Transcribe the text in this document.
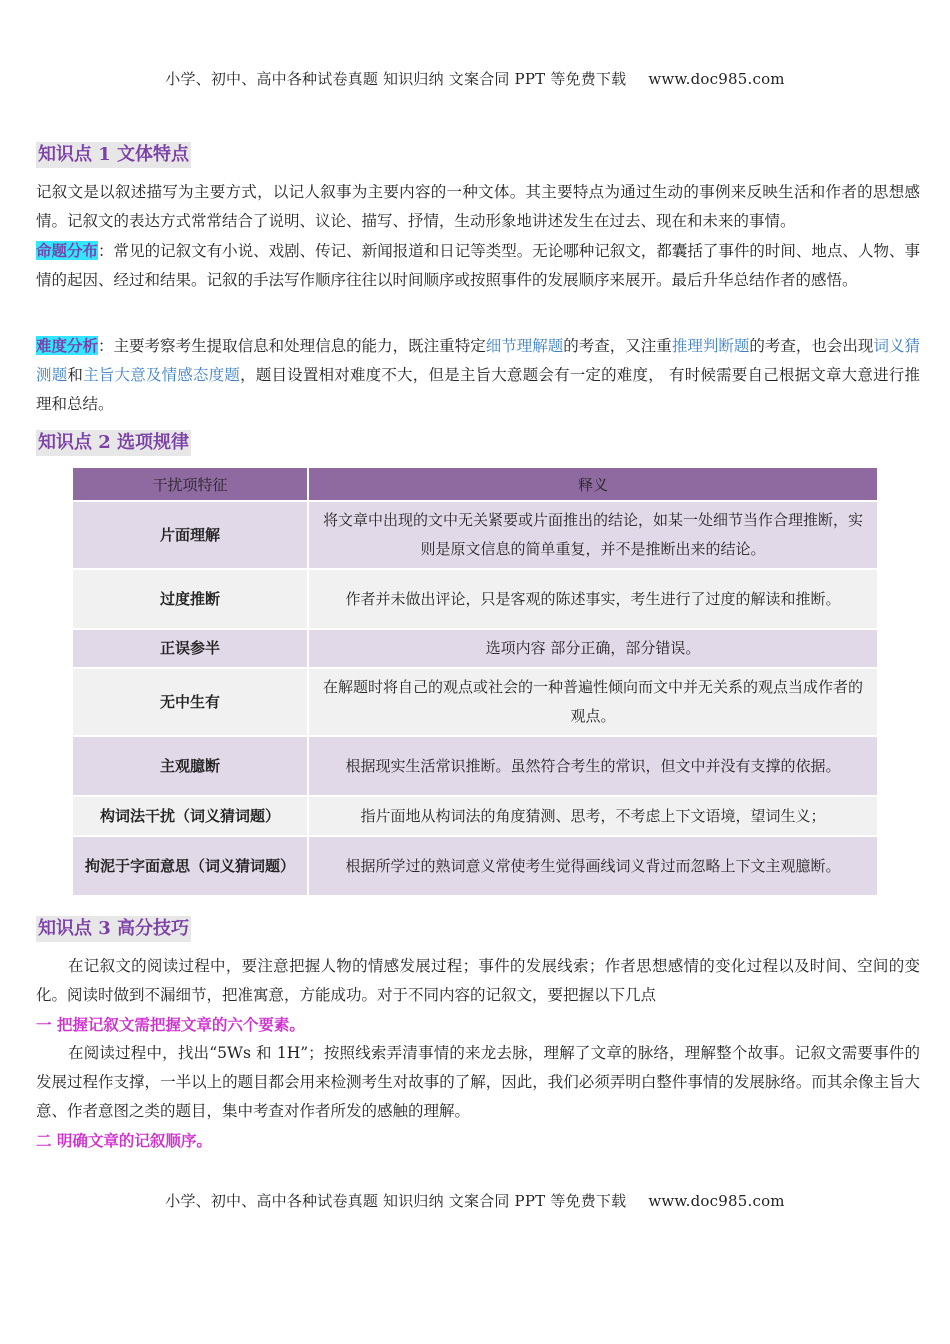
小学、初中、高中各种试卷真题 知识归纳 文案合同 PPT 等免费下载 www.doc985.com
知识点 1 文体特点
记叙文是以叙述描写为主要方式，以记人叙事为主要内容的一种文体。其主要特点为通过生动的事例来反映生活和作者的思想感情。记叙文的表达方式常常结合了说明、议论、描写、抒情，生动形象地讲述发生在过去、现在和未来的事情。
命题分布：常见的记叙文有小说、戏剧、传记、新闻报道和日记等类型。无论哪种记叙文，都囊括了事件的时间、地点、人物、事情的起因、经过和结果。记叙的手法写作顺序往往以时间顺序或按照事件的发展顺序来展开。最后升华总结作者的感悟。
难度分析：主要考察考生提取信息和处理信息的能力，既注重特定细节理解题的考查，又注重推理判断题的考查，也会出现词义猜测题和主旨大意及情感态度题，题目设置相对难度不大，但是主旨大意题会有一定的难度， 有时候需要自己根据文章大意进行推理和总结。
知识点 2 选项规律
干扰项特征	释义
片面理解	将文章中出现的文中无关紧要或片面推出的结论，如某一处细节当作合理推断，实则是原文信息的简单重复，并不是推断出来的结论。
过度推断	作者并未做出评论，只是客观的陈述事实，考生进行了过度的解读和推断。
正误参半	选项内容 部分正确，部分错误。
无中生有	在解题时将自己的观点或社会的一种普遍性倾向而文中并无关系的观点当成作者的观点。
主观臆断	根据现实生活常识推断。虽然符合考生的常识，但文中并没有支撑的依据。
构词法干扰（词义猜词题）	指片面地从构词法的角度猜测、思考，不考虑上下文语境，望词生义；
拘泥于字面意思（词义猜词题）	根据所学过的熟词意义常使考生觉得画线词义背过而忽略上下文主观臆断。
知识点 3 高分技巧
在记叙文的阅读过程中，要注意把握人物的情感发展过程；事件的发展线索；作者思想感情的变化过程以及时间、空间的变化。阅读时做到不漏细节，把准寓意，方能成功。对于不同内容的记叙文，要把握以下几点
一 把握记叙文需把握文章的六个要素。
在阅读过程中，找出“5Ws 和 1H”；按照线索弄清事情的来龙去脉，理解了文章的脉络，理解整个故事。记叙文需要事件的发展过程作支撑，一半以上的题目都会用来检测考生对故事的了解，因此，我们必须弄明白整件事情的发展脉络。而其余像主旨大意、作者意图之类的题目，集中考查对作者所发的感触的理解。
二 明确文章的记叙顺序。
小学、初中、高中各种试卷真题 知识归纳 文案合同 PPT 等免费下载 www.doc985.com
